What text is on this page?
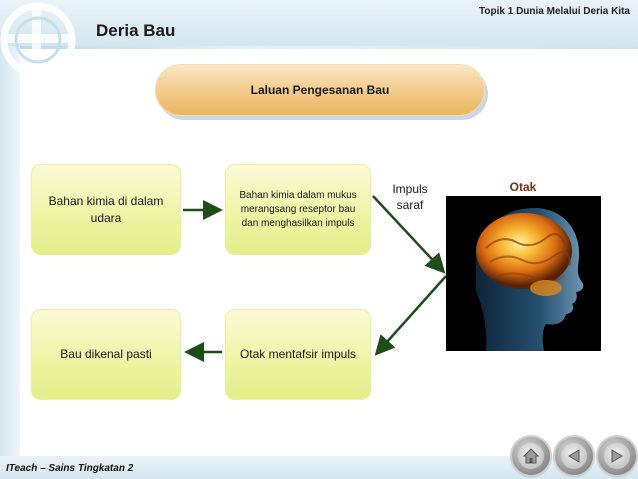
Deria Bau
Topik 1 Dunia Melalui Deria Kita
Laluan Pengesanan Bau
Bahan kimia di dalam udara
Bahan kimia dalam mukus merangsang reseptor bau dan menghasilkan impuls
Bau dikenal pasti	Otak mentafsir impuls
Impuls saraf
Otak
ITeach – Sains Tingkatan 2
